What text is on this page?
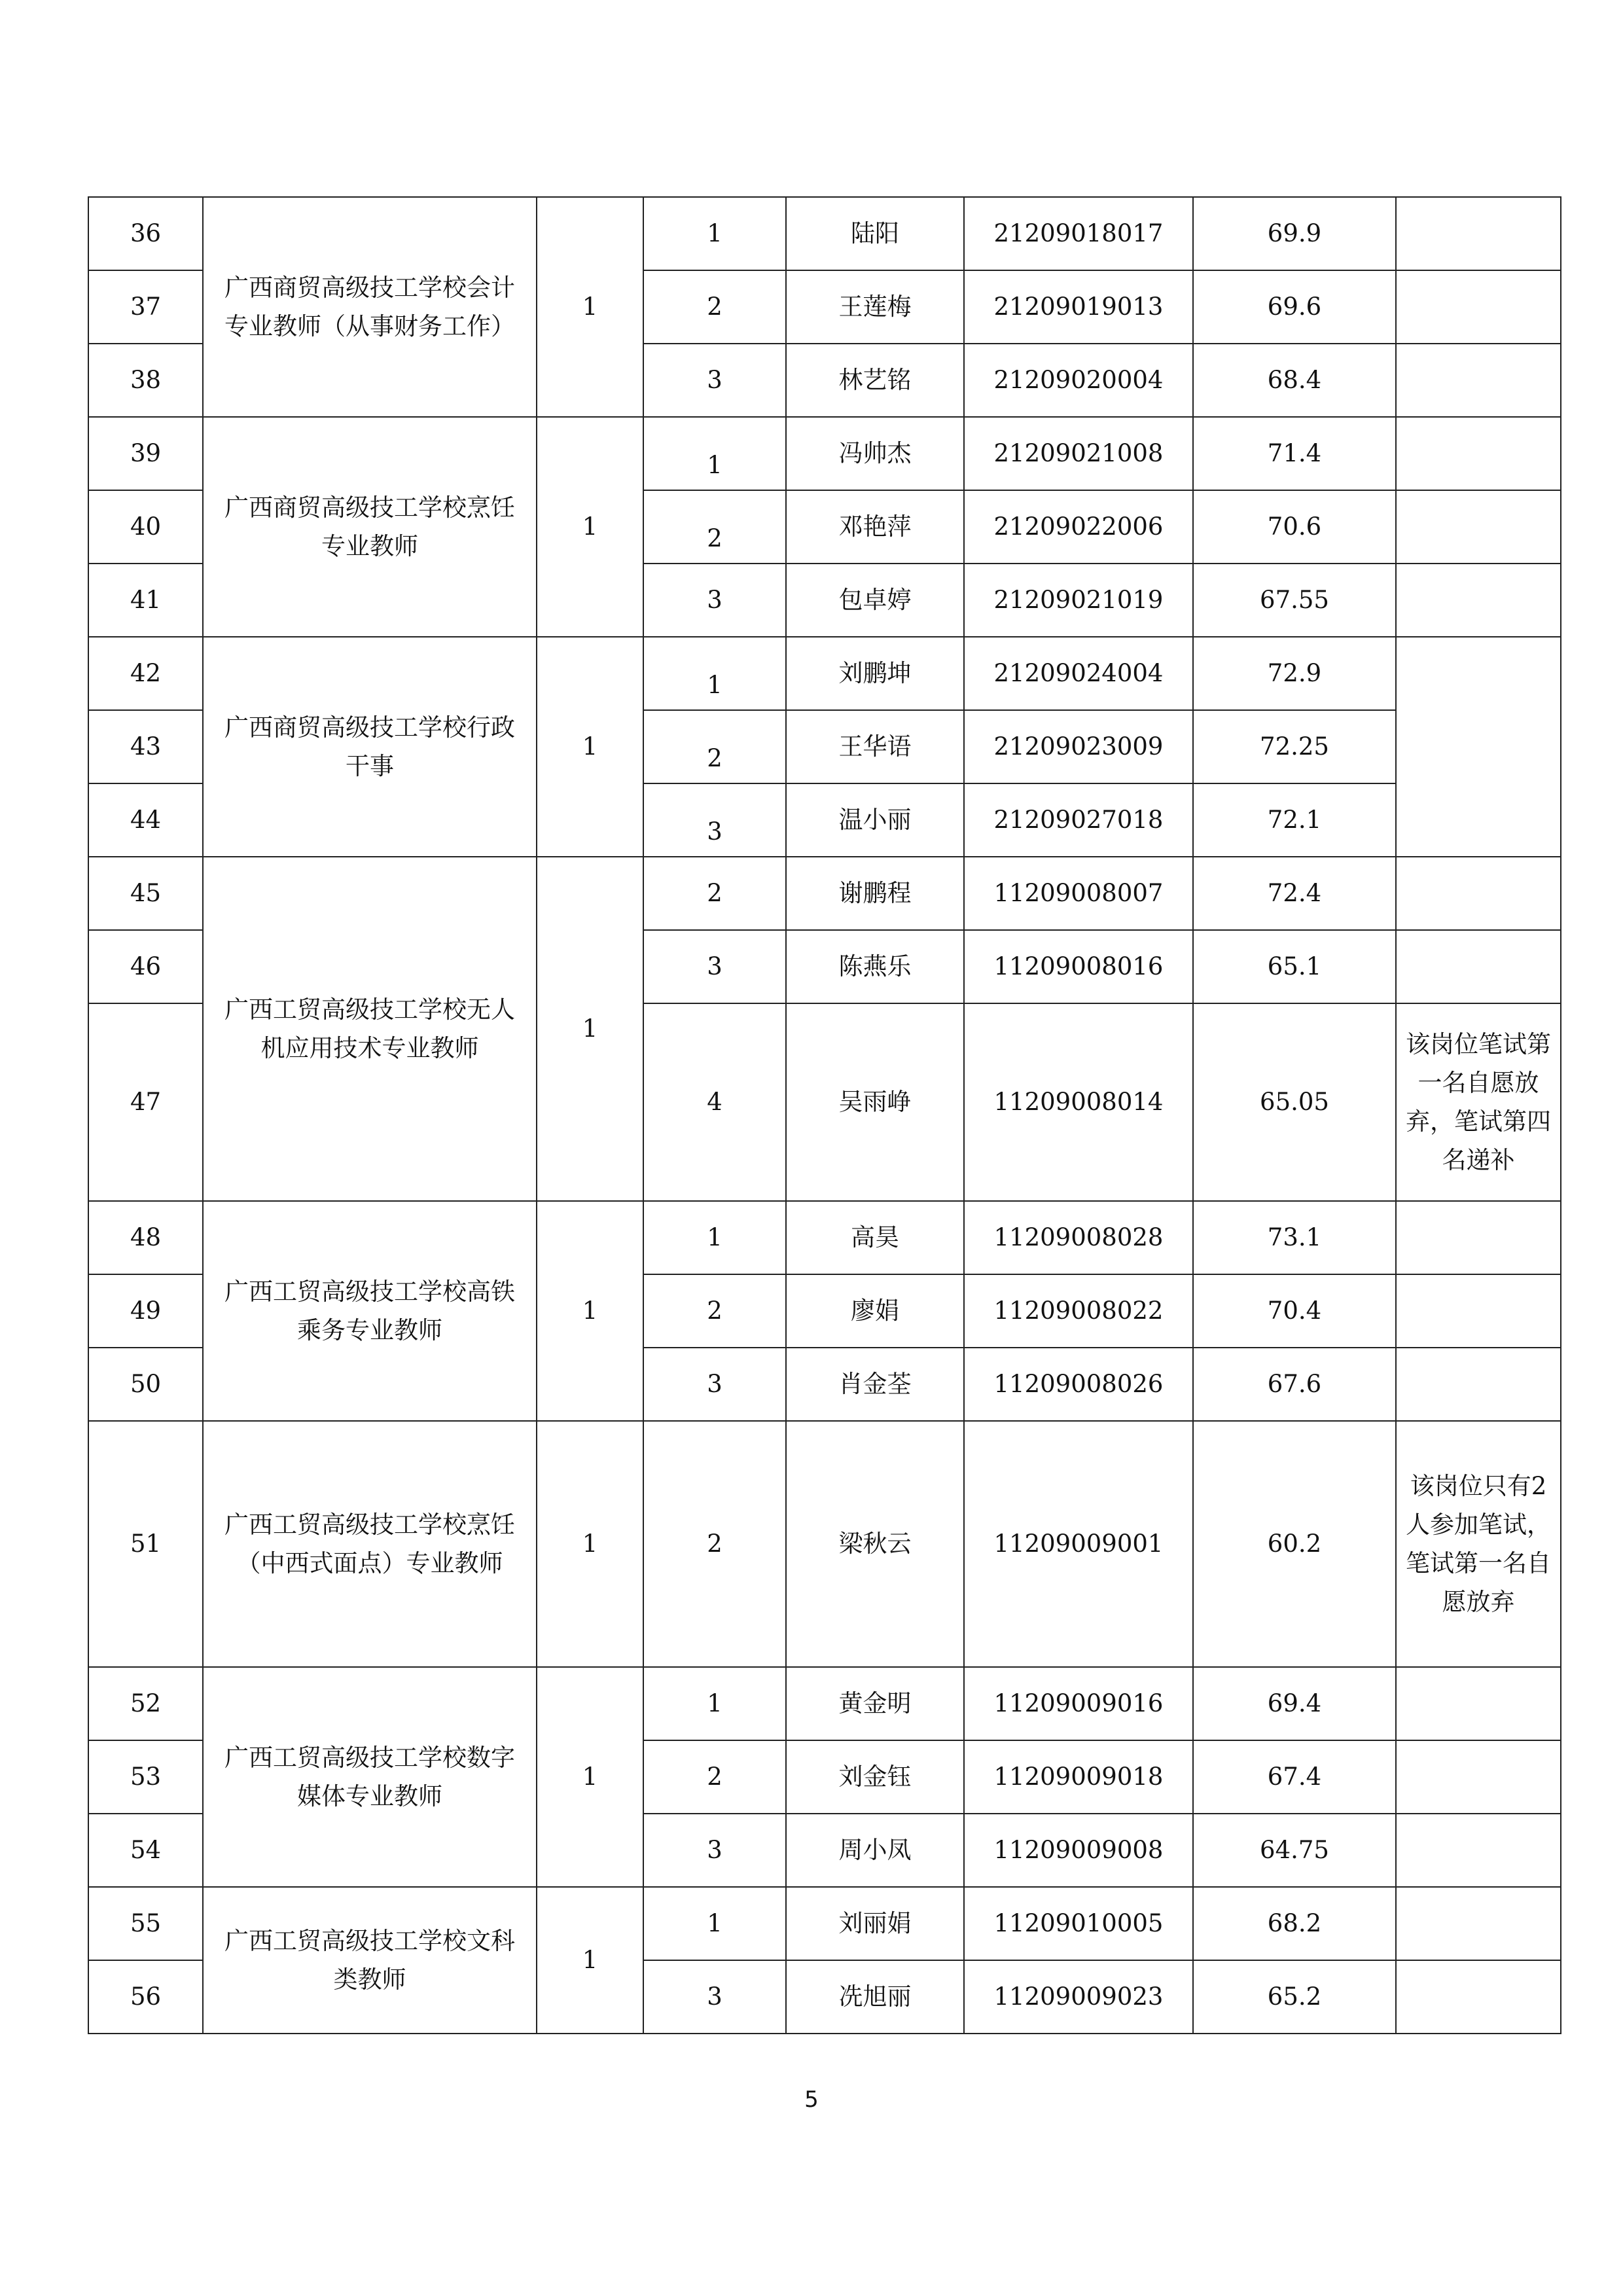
36	广西商贸高级技工学校会计专业教师（从事财务工作）	1	1	陆阳	21209018017	69.9	
37			2	王莲梅	21209019013	69.6	
38			3	林艺铭	21209020004	68.4	
39	广西商贸高级技工学校烹饪专业教师	1	1	冯帅杰	21209021008	71.4	
40			2	邓艳萍	21209022006	70.6	
41			3	包卓婷	21209021019	67.55	
42	广西商贸高级技工学校行政干事	1	1	刘鹏坤	21209024004	72.9	
43			2	王华语	21209023009	72.25	
44			3	温小丽	21209027018	72.1	
45	广西工贸高级技工学校无人机应用技术专业教师	1	2	谢鹏程	11209008007	72.4	
46			3	陈燕乐	11209008016	65.1	
47			4	吴雨峥	11209008014	65.05	该岗位笔试第一名自愿放弃，笔试第四名递补
48	广西工贸高级技工学校高铁乘务专业教师	1	1	高昊	11209008028	73.1	
49			2	廖娟	11209008022	70.4	
50			3	肖金荃	11209008026	67.6	
51	广西工贸高级技工学校烹饪（中西式面点）专业教师	1	2	梁秋云	11209009001	60.2	该岗位只有2 人参加笔试，笔试第一名自愿放弃
52	广西工贸高级技工学校数字媒体专业教师	1	1	黄金明	11209009016	69.4	
53			2	刘金钰	11209009018	67.4	
54			3	周小凤	11209009008	64.75	
55	广西工贸高级技工学校文科类教师	1	1	刘丽娟	11209010005	68.2	
56			3	冼旭丽	11209009023	65.2	
5
